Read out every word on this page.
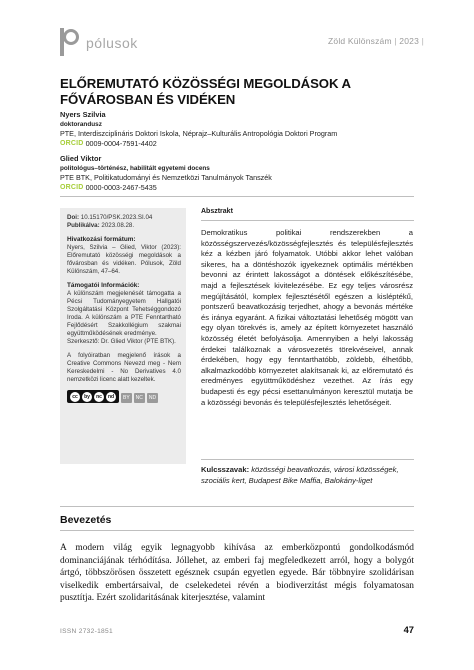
pólusok	Zöld Különszám | 2023 |
ELŐREMUTATÓ KÖZÖSSÉGI MEGOLDÁSOK A FŐVÁROSBAN ÉS VIDÉKEN
Nyers Szilvia
doktorandusz
PTE, Interdiszciplináris Doktori Iskola, Néprajz–Kulturális Antropológia Doktori Program
ORCID 0009-0004-7591-4402
Glied Viktor
politológus–történész, habilitált egyetemi docens
PTE BTK, Politikatudományi és Nemzetközi Tanulmányok Tanszék
ORCID 0000-0003-2467-5435
Doi: 10.15170/PSK.2023.SI.04
Publikálva: 2023.08.28.
Hivatkozási formátum:

Nyers, Szilvia – Glied, Viktor (2023): Előremutató közösségi megoldások a fővárosban és vidéken. Pólusok, Zöld Különszám, 47–64.

Támogatói Információk:

A különszám megjelenését támogatta a Pécsi Tudományegyetem Hallgatói Szolgáltatási Központ Tehetséggondozó Iroda. A különszám a PTE Fenntartható Fejlődésért Szakkollégium szakmai együttműködésének eredménye.

Szerkesztő: Dr. Glied Viktor (PTE BTK).

A folyóiratban megjelenő írások a Creative Commons Nevezd meg - Nem Kereskedelmi - No Derivatives 4.0 nemzetközi licenc alatt kezeltek.

cc	by	nc	nd	BY	NC	ND
Absztrakt

Demokratikus politikai rendszerekben a közösségszervezés/közösségfejlesztés és településfejlesztés kéz a kézben járó folyamatok. Utóbbi akkor lehet valóban sikeres, ha a döntéshozók igyekeznek optimális mértékben bevonni az érintett lakosságot a döntések előkészítésébe, majd a fejlesztések kivitelezésébe. Ez egy teljes városrész megújításától, komplex fejlesztésétől egészen a kisléptékű, pontszerű beavatkozásig terjedhet, ahogy a bevonás mértéke és iránya egyaránt. A fizikai változtatási lehetőség mögött van egy olyan törekvés is, amely az épített környezetet használó közösség életét befolyásolja. Amennyiben a helyi lakosság érdekei találkoznak a városvezetés törekvéseivel, annak érdekében, hogy egy fenntarthatóbb, zöldebb, élhetőbb, alkalmazkodóbb környezetet alakítsanak ki, az előremutató és eredményes együttműködéshez vezethet. Az írás egy budapesti és egy pécsi esettanulmányon keresztül mutatja be a közösségi bevonás és településfejlesztés lehetőségeit.

Kulcsszavak: közösségi beavatkozás, városi közösségek, szociális kert, Budapest Bike Maffia, Balokány-liget

Bevezetés

A modern világ egyik legnagyobb kihívása az emberközpontú gondolkodásmód dominanciájának térhódítása. Jóllehet, az emberi faj megfeledkezett arról, hogy a bolygót ártgó, többszörösen összetett egésznek csupán egyetlen egyede. Bár többnyire szolidárisan viselkedik embertársaival, de cselekedetei révén a biodiverzitást mégis folyamatosan pusztítja. Ezért szolidaritásának kiterjesztése, valamint

ISSN 2732-1851	47
